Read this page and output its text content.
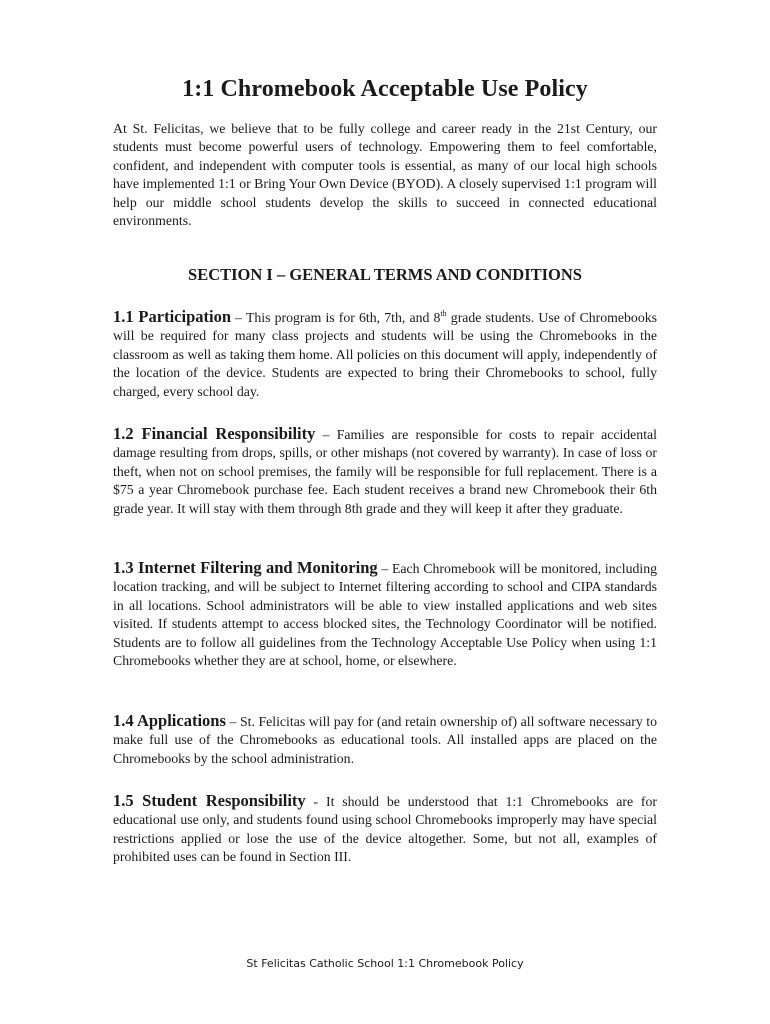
1:1 Chromebook Acceptable Use Policy
At St. Felicitas, we believe that to be fully college and career ready in the 21st Century, our students must become powerful users of technology. Empowering them to feel comfortable, confident, and independent with computer tools is essential, as many of our local high schools have implemented 1:1 or Bring Your Own Device (BYOD). A closely supervised 1:1 program will help our middle school students develop the skills to succeed in connected educational environments.
SECTION I – GENERAL TERMS AND CONDITIONS
1.1 Participation – This program is for 6th, 7th, and 8th grade students. Use of Chromebooks will be required for many class projects and students will be using the Chromebooks in the classroom as well as taking them home. All policies on this document will apply, independently of the location of the device. Students are expected to bring their Chromebooks to school, fully charged, every school day.
1.2 Financial Responsibility – Families are responsible for costs to repair accidental damage resulting from drops, spills, or other mishaps (not covered by warranty). In case of loss or theft, when not on school premises, the family will be responsible for full replacement. There is a $75 a year Chromebook purchase fee. Each student receives a brand new Chromebook their 6th grade year. It will stay with them through 8th grade and they will keep it after they graduate.
1.3 Internet Filtering and Monitoring – Each Chromebook will be monitored, including location tracking, and will be subject to Internet filtering according to school and CIPA standards in all locations. School administrators will be able to view installed applications and web sites visited. If students attempt to access blocked sites, the Technology Coordinator will be notified. Students are to follow all guidelines from the Technology Acceptable Use Policy when using 1:1 Chromebooks whether they are at school, home, or elsewhere.
1.4 Applications – St. Felicitas will pay for (and retain ownership of) all software necessary to make full use of the Chromebooks as educational tools. All installed apps are placed on the Chromebooks by the school administration.
1.5 Student Responsibility - It should be understood that 1:1 Chromebooks are for educational use only, and students found using school Chromebooks improperly may have special restrictions applied or lose the use of the device altogether. Some, but not all, examples of prohibited uses can be found in Section III.
St Felicitas Catholic School 1:1 Chromebook Policy
